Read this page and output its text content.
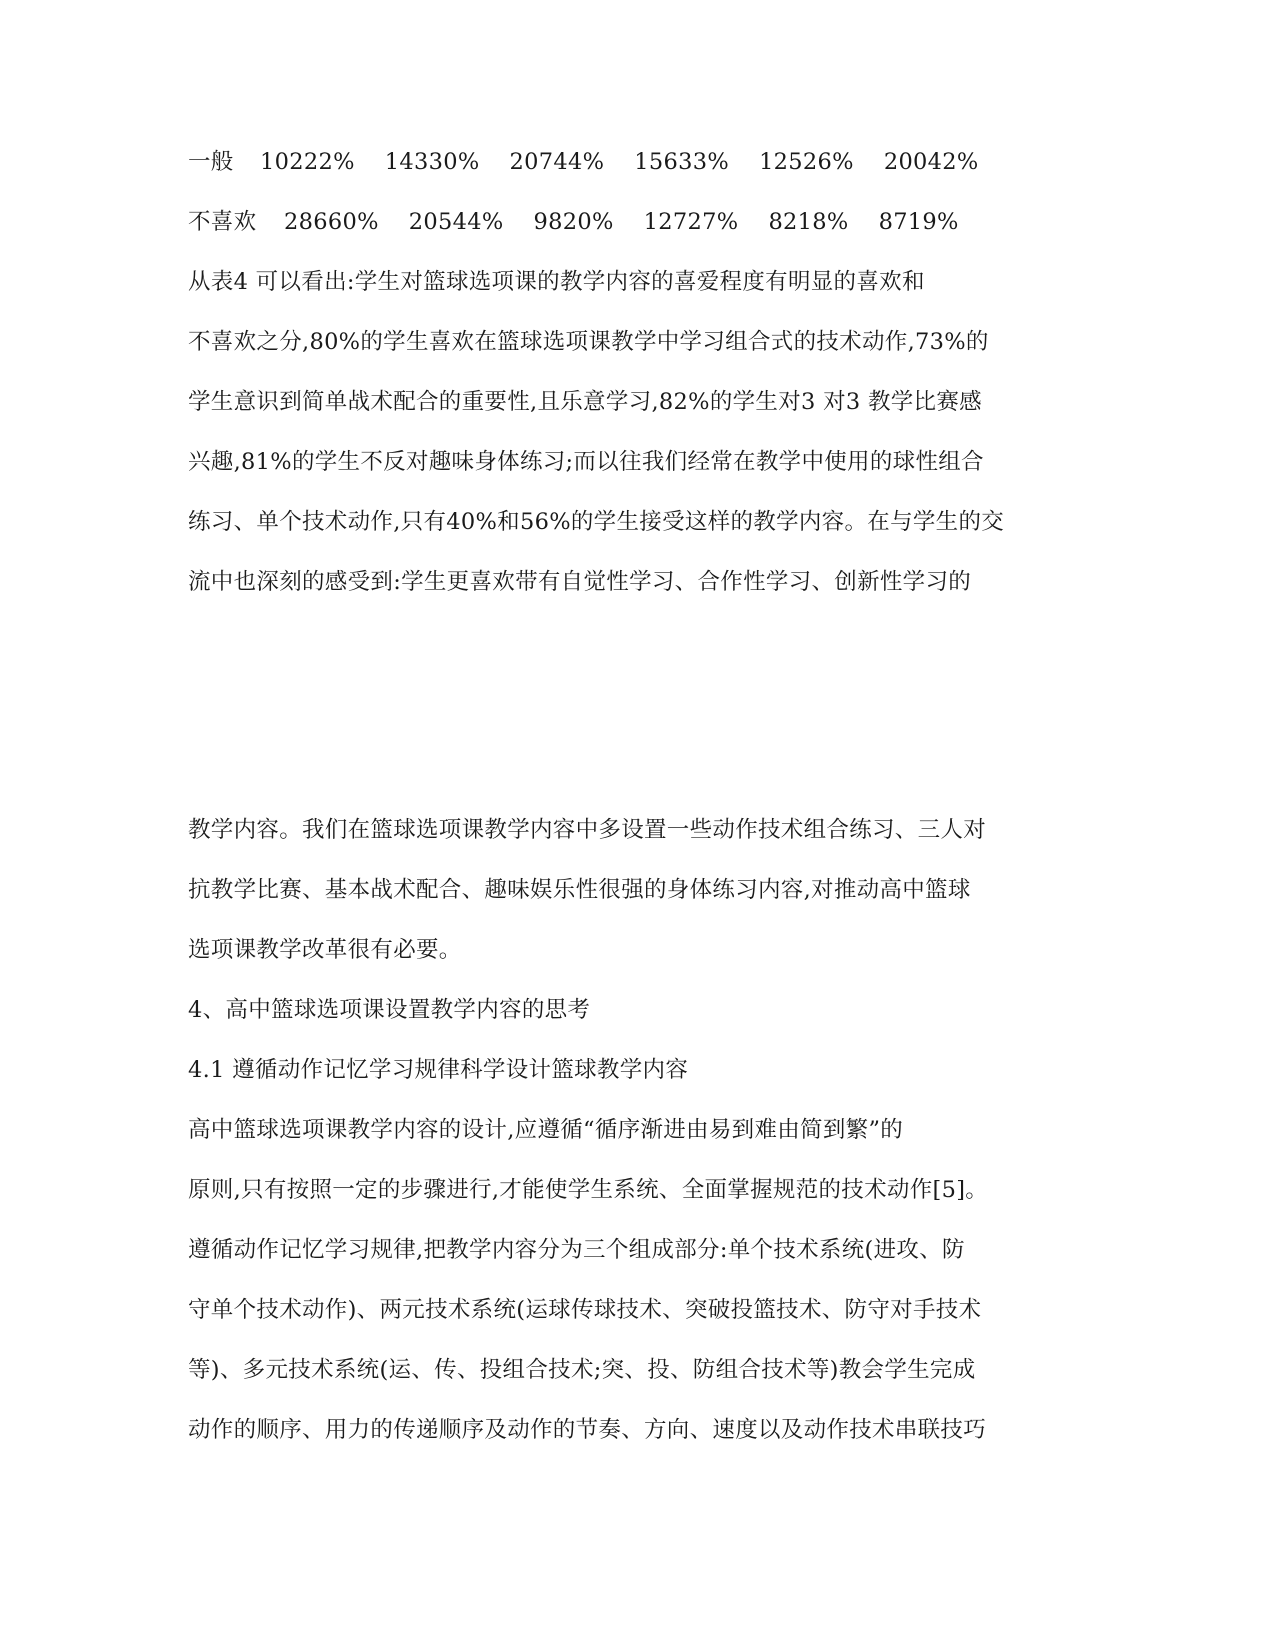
一般	10222% 14330% 20744% 15633% 12526% 20042%
不喜欢	28660% 20544% 9820% 12727% 8218% 8719%
从表4 可以看出:学生对篮球选项课的教学内容的喜爱程度有明显的喜欢和
不喜欢之分,80%的学生喜欢在篮球选项课教学中学习组合式的技术动作,73%的
学生意识到简单战术配合的重要性,且乐意学习,82%的学生对3 对3 教学比赛感
兴趣,81%的学生不反对趣味身体练习;而以往我们经常在教学中使用的球性组合
练习、单个技术动作,只有40%和56%的学生接受这样的教学内容。在与学生的交
流中也深刻的感受到:学生更喜欢带有自觉性学习、合作性学习、创新性学习的
教学内容。我们在篮球选项课教学内容中多设置一些动作技术组合练习、三人对
抗教学比赛、基本战术配合、趣味娱乐性很强的身体练习内容,对推动高中篮球
选项课教学改革很有必要。
4、高中篮球选项课设置教学内容的思考
4.1 遵循动作记忆学习规律科学设计篮球教学内容
高中篮球选项课教学内容的设计,应遵循“循序渐进由易到难由简到繁”的
原则,只有按照一定的步骤进行,才能使学生系统、全面掌握规范的技术动作[5]。
遵循动作记忆学习规律,把教学内容分为三个组成部分:单个技术系统(进攻、防
守单个技术动作)、两元技术系统(运球传球技术、突破投篮技术、防守对手技术
等)、多元技术系统(运、传、投组合技术;突、投、防组合技术等)教会学生完成
动作的顺序、用力的传递顺序及动作的节奏、方向、速度以及动作技术串联技巧
